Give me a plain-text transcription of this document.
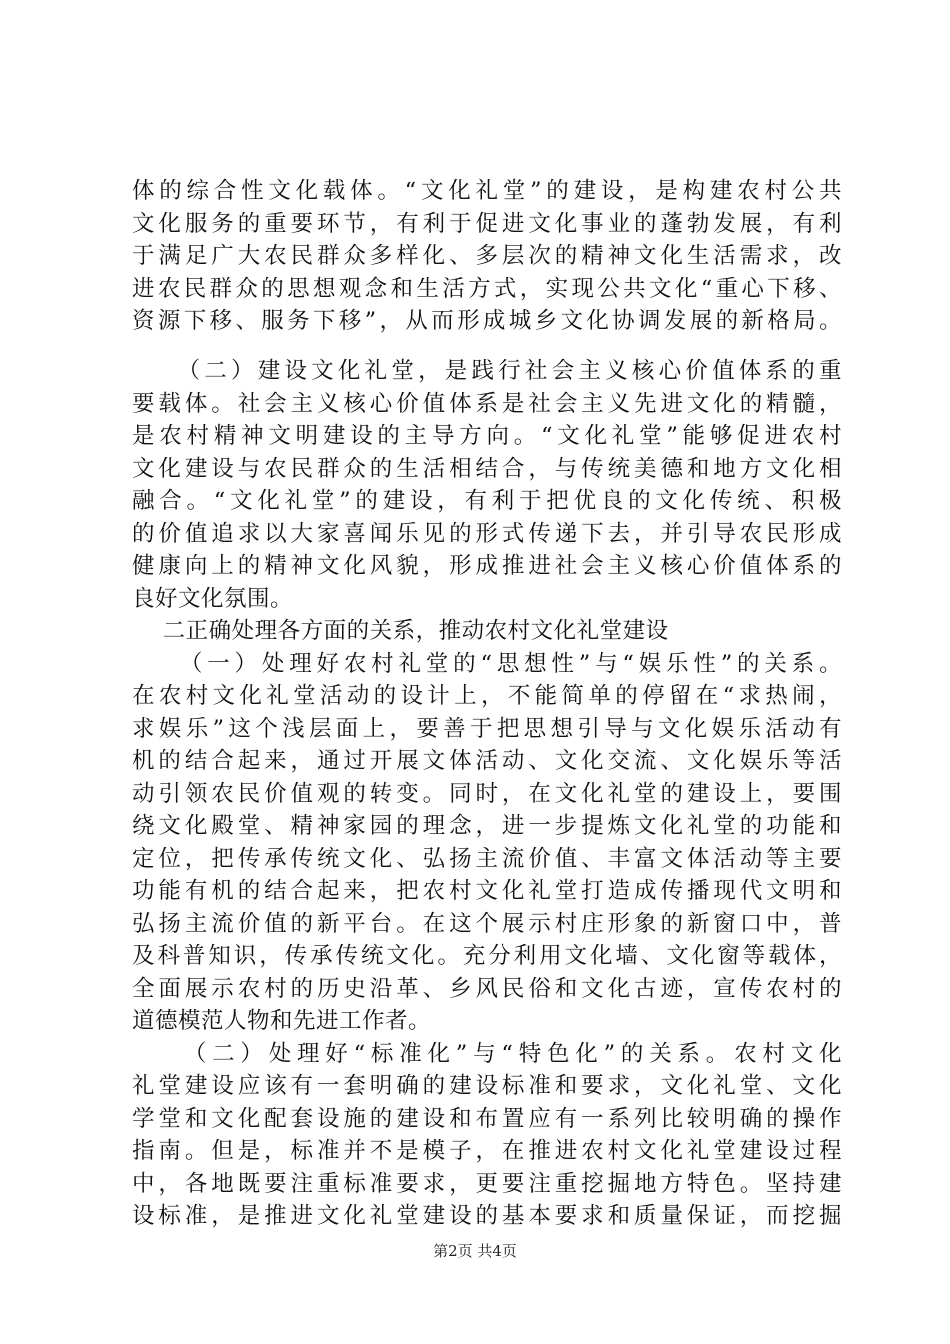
体的综合性文化载体。“文化礼堂”的建设，是构建农村公共
文化服务的重要环节，有利于促进文化事业的蓬勃发展，有利
于满足广大农民群众多样化、多层次的精神文化生活需求，改
进农民群众的思想观念和生活方式，实现公共文化“重心下移、
资源下移、服务下移”，从而形成城乡文化协调发展的新格局。
（二）建设文化礼堂，是践行社会主义核心价值体系的重
要载体。社会主义核心价值体系是社会主义先进文化的精髓，
是农村精神文明建设的主导方向。“文化礼堂”能够促进农村
文化建设与农民群众的生活相结合，与传统美德和地方文化相
融合。“文化礼堂”的建设，有利于把优良的文化传统、积极
的价值追求以大家喜闻乐见的形式传递下去，并引导农民形成
健康向上的精神文化风貌，形成推进社会主义核心价值体系的
良好文化氛围。
二正确处理各方面的关系，推动农村文化礼堂建设
（一）处理好农村礼堂的“思想性”与“娱乐性”的关系。
在农村文化礼堂活动的设计上，不能简单的停留在“求热闹，
求娱乐”这个浅层面上，要善于把思想引导与文化娱乐活动有
机的结合起来，通过开展文体活动、文化交流、文化娱乐等活
动引领农民价值观的转变。同时，在文化礼堂的建设上，要围
绕文化殿堂、精神家园的理念，进一步提炼文化礼堂的功能和
定位，把传承传统文化、弘扬主流价值、丰富文体活动等主要
功能有机的结合起来，把农村文化礼堂打造成传播现代文明和
弘扬主流价值的新平台。在这个展示村庄形象的新窗口中，普
及科普知识，传承传统文化。充分利用文化墙、文化窗等载体，
全面展示农村的历史沿革、乡风民俗和文化古迹，宣传农村的
道德模范人物和先进工作者。
（二）处理好“标准化”与“特色化”的关系。农村文化
礼堂建设应该有一套明确的建设标准和要求，文化礼堂、文化
学堂和文化配套设施的建设和布置应有一系列比较明确的操作
指南。但是，标准并不是模子，在推进农村文化礼堂建设过程
中，各地既要注重标准要求，更要注重挖掘地方特色。坚持建
设标准，是推进文化礼堂建设的基本要求和质量保证，而挖掘
第2页 共4页
